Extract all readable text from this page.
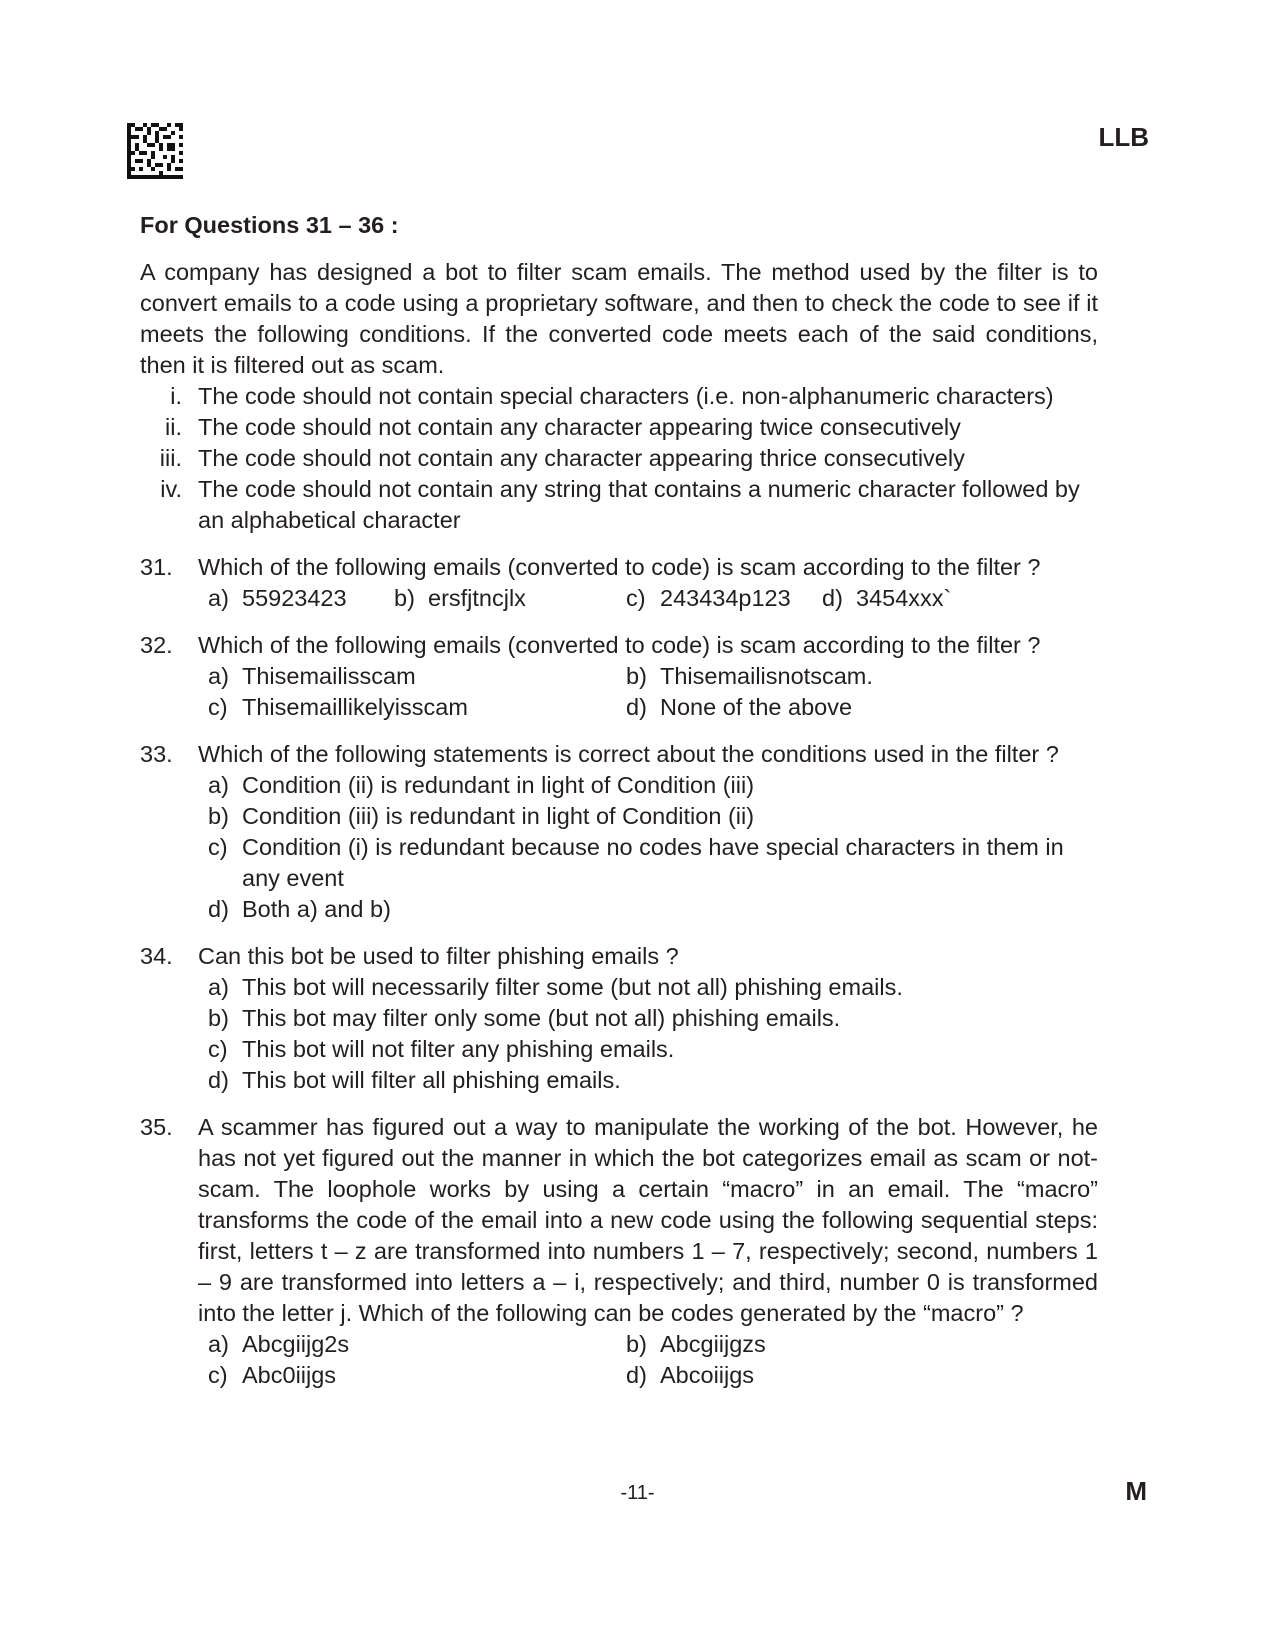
LLB
For Questions 31 – 36 :

A company has designed a bot to filter scam emails. The method used by the filter is to convert emails to a code using a proprietary software, and then to check the code to see if it meets the following conditions. If the converted code meets each of the said conditions, then it is filtered out as scam.

i. The code should not contain special characters (i.e. non-alphanumeric characters)
ii. The code should not contain any character appearing twice consecutively
iii. The code should not contain any character appearing thrice consecutively
iv. The code should not contain any string that contains a numeric character followed by an alphabetical character
31.	Which of the following emails (converted to code) is scam according to the filter ?
a) 55923423	b) ersfjtncjlx	c) 243434p123	d) 3454xxx`
32.	Which of the following emails (converted to code) is scam according to the filter ?
a) Thisemailisscam	b) Thisemailisnotscam.
c) Thisemaillikelyisscam	d) None of the above
33.	Which of the following statements is correct about the conditions used in the filter ?
a) Condition (ii) is redundant in light of Condition (iii)
b) Condition (iii) is redundant in light of Condition (ii)
c) Condition (i) is redundant because no codes have special characters in them in any event
d) Both a) and b)
34.	Can this bot be used to filter phishing emails ?
a) This bot will necessarily filter some (but not all) phishing emails.
b) This bot may filter only some (but not all) phishing emails.
c) This bot will not filter any phishing emails.
d) This bot will filter all phishing emails.
35.	A scammer has figured out a way to manipulate the working of the bot. However, he has not yet figured out the manner in which the bot categorizes email as scam or not-scam. The loophole works by using a certain “macro” in an email. The “macro” transforms the code of the email into a new code using the following sequential steps: first, letters t – z are transformed into numbers 1 – 7, respectively; second, numbers 1 – 9 are transformed into letters a – i, respectively; and third, number 0 is transformed into the letter j. Which of the following can be codes generated by the “macro” ?
a) Abcgiijg2s	b) Abcgiijgzs
c) Abc0iijgs	d) Abcoiijgs
-11-	M
